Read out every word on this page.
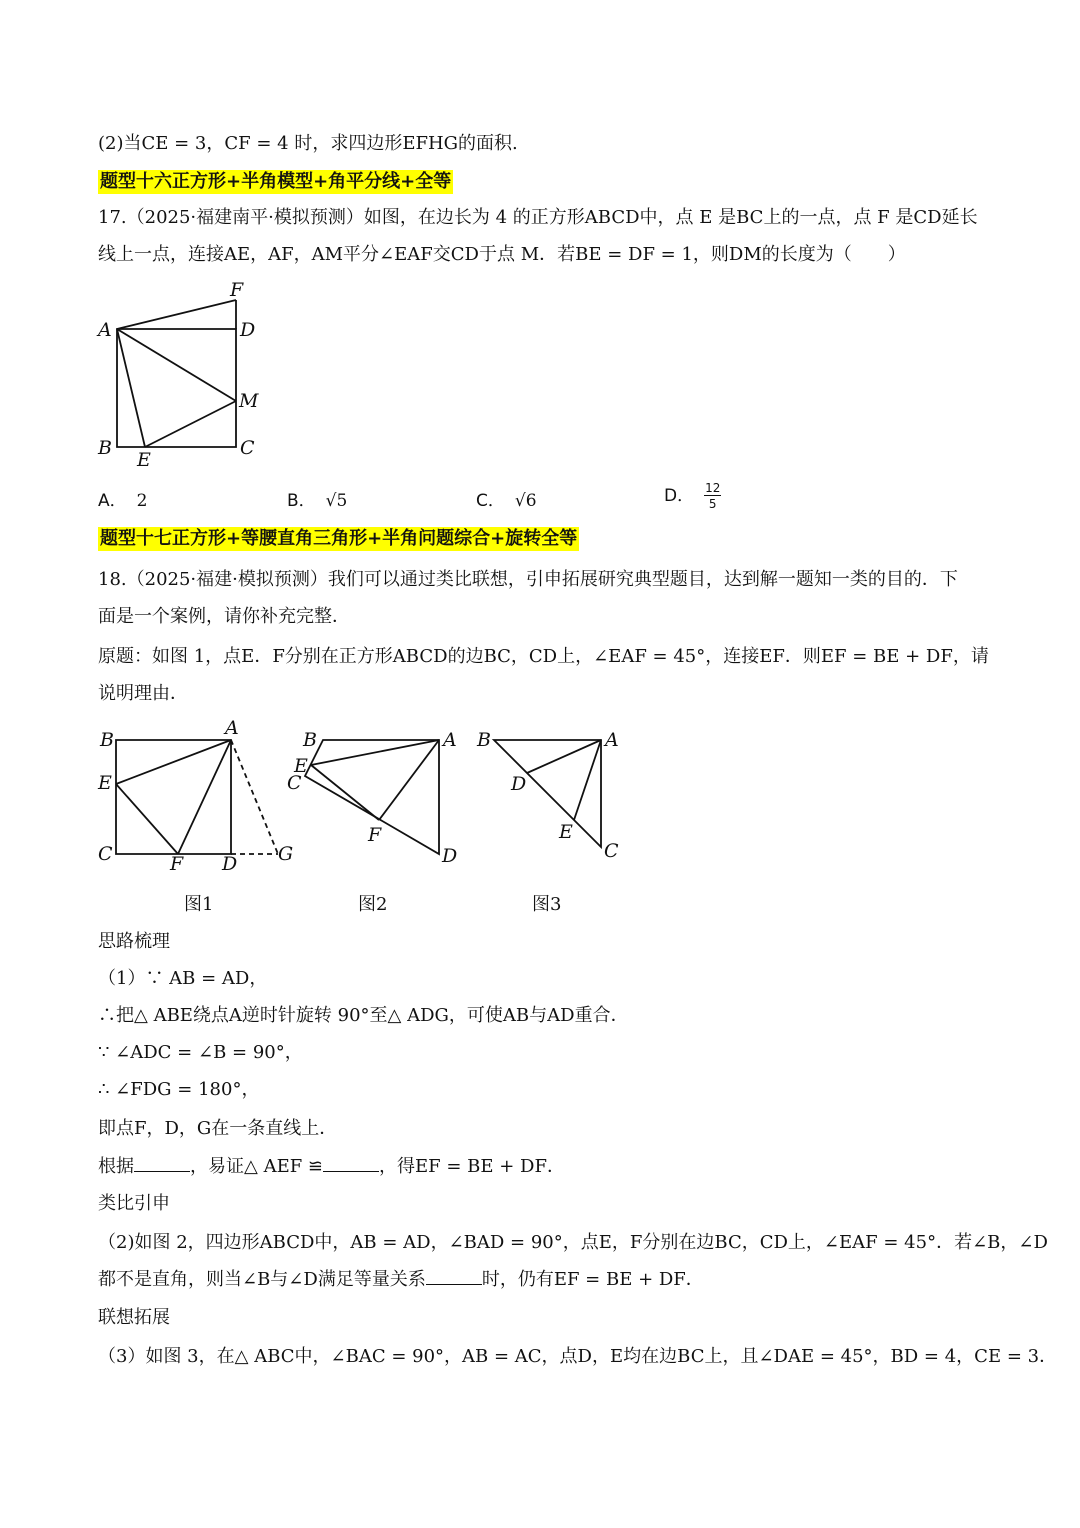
(2)当CE = 3，CF = 4 时，求四边形EFHG的面积.
题型十六正方形+半角模型+角平分线+全等
17.（2025·福建南平·模拟预测）如图，在边长为 4 的正方形ABCD中，点 E 是BC上的一点，点 F 是CD延长
线上一点，连接AE，AF，AM平分∠EAF交CD于点 M．若BE = DF = 1，则DM的长度为（　　）
A
B	C
D
E
F
M
A． 2	B． √5	C． √6	D． $\frac{12}{5}$
题型十七正方形+等腰直角三角形+半角问题综合+旋转全等
18.（2025·福建·模拟预测）我们可以通过类比联想，引申拓展研究典型题目，达到解一题知一类的目的．下
面是一个案例，请你补充完整．
原题：如图 1，点E．F分别在正方形ABCD的边BC，CD上，∠EAF = 45°，连接EF．则EF = BE + DF，请
说明理由．
B
A
E
C	F D G
B	A
E
C
F
D
B	A
D
E
C
图1	图2	图3
思路梳理
（1）∵ AB = AD，
∴把△ ABE绕点A逆时针旋转 90°至△ ADG，可使AB与AD重合．
∵ ∠ADC = ∠B = 90°，
∴ ∠FDG = 180°，
即点F，D，G在一条直线上．
根据	，易证△ AEF ≌	，得EF = BE + DF．
类比引申
（2)如图 2，四边形ABCD中，AB = AD，∠BAD = 90°，点E，F分别在边BC，CD上，∠EAF = 45°．若∠B，∠D
都不是直角，则当∠B与∠D满足等量关系	时，仍有EF = BE + DF．
联想拓展
（3）如图 3，在△ ABC中，∠BAC = 90°，AB = AC，点D，E均在边BC上，且∠DAE = 45°，BD = 4，CE = 3．
